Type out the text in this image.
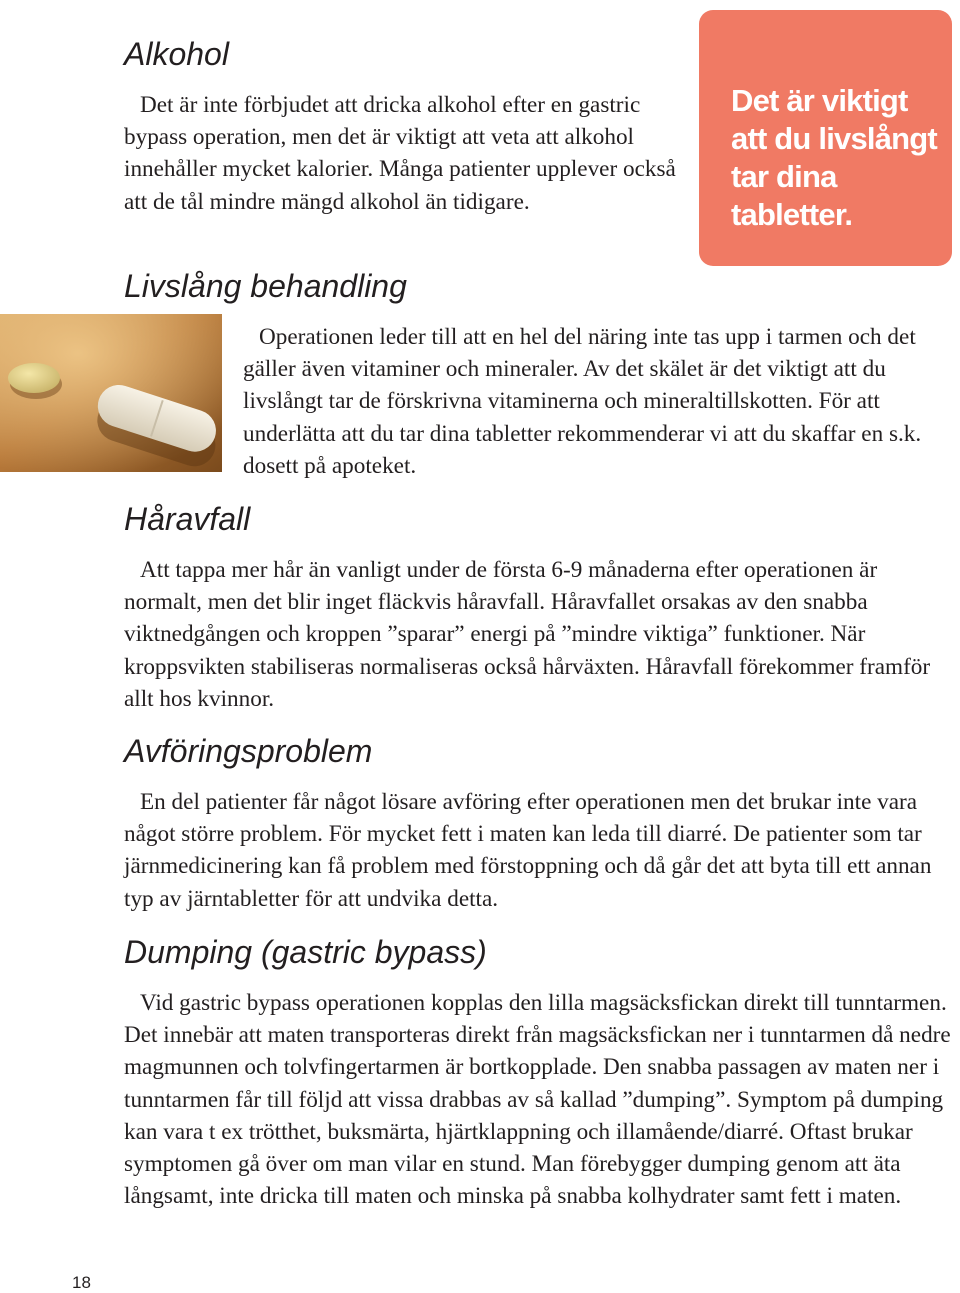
Det är viktigt att du livslångt tar dina tabletter.

Alkohol

Det är inte förbjudet att dricka alkohol efter en gastric bypass operation, men det är viktigt att veta att alkohol innehåller mycket kalorier. Många patienter upplever också att de tål mindre mängd alkohol än tidigare.

Livslång behandling

Operationen leder till att en hel del näring inte tas upp i tarmen och det gäller även vitaminer och mineraler. Av det skälet är det viktigt att du livslångt tar de förskrivna vitaminerna och mineraltillskotten. För att underlätta att du tar dina tabletter rekommenderar vi att du skaffar en s.k. dosett på apoteket.

Håravfall

Att tappa mer hår än vanligt under de första 6-9 månaderna efter operationen är normalt, men det blir inget fläckvis håravfall. Håravfallet orsakas av den snabba viktnedgången och kroppen ”sparar” energi på ”mindre viktiga” funktioner. När kroppsvikten stabiliseras normaliseras också hårväxten. Håravfall förekommer framför allt hos kvinnor.

Avföringsproblem

En del patienter får något lösare avföring efter operationen men det brukar inte vara något större problem. För mycket fett i maten kan leda till diarré. De patienter som tar järnmedicinering kan få problem med förstoppning och då går det att byta till ett annan typ av järntabletter för att undvika detta.

Dumping (gastric bypass)

Vid gastric bypass operationen kopplas den lilla magsäcksfickan direkt till tunntarmen. Det innebär att maten transporteras direkt från magsäcksfickan ner i tunntarmen då nedre magmunnen och tolvfingertarmen är bortkopplade. Den snabba passagen av maten ner i tunntarmen får till följd att vissa drabbas av så kallad ”dumping”. Symptom på dumping kan vara t ex trötthet, buksmärta, hjärtklappning och illamående/diarré. Oftast brukar symptomen gå över om man vilar en stund. Man förebygger dumping genom att äta långsamt, inte dricka till maten och minska på snabba kolhydrater samt fett i maten.

18
